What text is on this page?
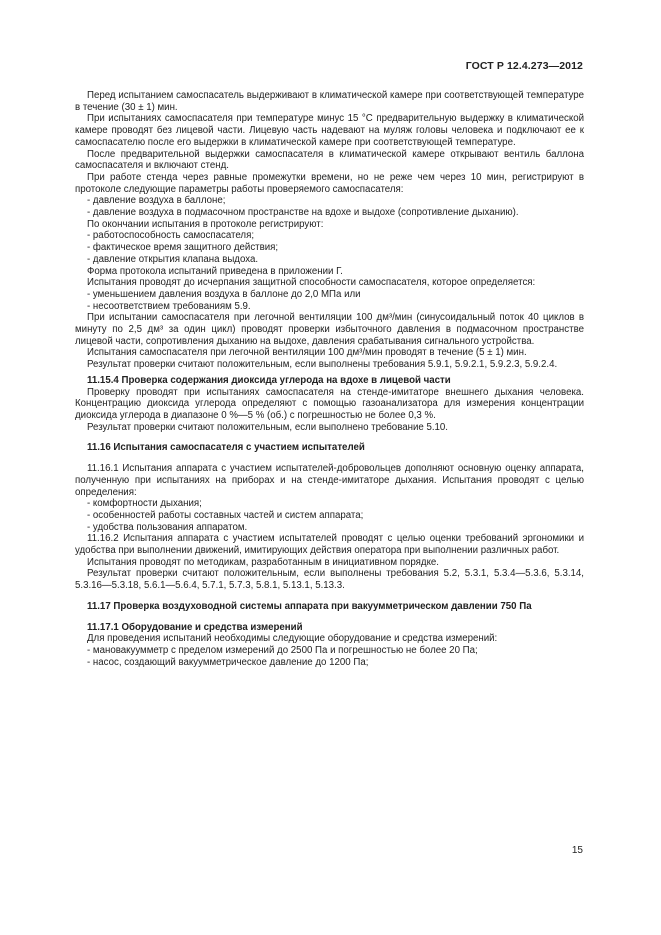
ГОСТ Р 12.4.273—2012

Перед испытанием самоспасатель выдерживают в климатической камере при соответствующей температуре в течение (30 ± 1) мин.

При испытаниях самоспасателя при температуре минус 15 °С предварительную выдержку в климатической камере проводят без лицевой части. Лицевую часть надевают на муляж головы человека и подключают ее к самоспасателю после его выдержки в климатической камере при соответствующей температуре.

После предварительной выдержки самоспасателя в климатической камере открывают вентиль баллона самоспасателя и включают стенд.

При работе стенда через равные промежутки времени, но не реже чем через 10 мин, регистрируют в протоколе следующие параметры работы проверяемого самоспасателя:

- давление воздуха в баллоне;

- давление воздуха в подмасочном пространстве на вдохе и выдохе (сопротивление дыханию).

По окончании испытания в протоколе регистрируют:

- работоспособность самоспасателя;

- фактическое время защитного действия;

- давление открытия клапана выдоха.

Форма протокола испытаний приведена в приложении Г.

Испытания проводят до исчерпания защитной способности самоспасателя, которое определяется:

- уменьшением давления воздуха в баллоне до 2,0 МПа или

- несоответствием требованиям 5.9.

При испытании самоспасателя при легочной вентиляции 100 дм³/мин (синусоидальный поток 40 циклов в минуту по 2,5 дм³ за один цикл) проводят проверки избыточного давления в подмасочном пространстве лицевой части, сопротивления дыханию на выдохе, давления срабатывания сигнального устройства.

Испытания самоспасателя при легочной вентиляции 100 дм³/мин проводят в течение (5 ± 1) мин.

Результат проверки считают положительным, если выполнены требования 5.9.1, 5.9.2.1, 5.9.2.3, 5.9.2.4.

11.15.4 Проверка содержания диоксида углерода на вдохе в лицевой части

Проверку проводят при испытаниях самоспасателя на стенде-имитаторе внешнего дыхания человека. Концентрацию диоксида углерода определяют с помощью газоанализатора для измерения концентрации диоксида углерода в диапазоне 0 %—5 % (об.) с погрешностью не более 0,3 %.

Результат проверки считают положительным, если выполнено требование 5.10.

11.16 Испытания самоспасателя с участием испытателей

11.16.1 Испытания аппарата с участием испытателей-добровольцев дополняют основную оценку аппарата, полученную при испытаниях на приборах и на стенде-имитаторе дыхания. Испытания проводят с целью определения:

- комфортности дыхания;

- особенностей работы составных частей и систем аппарата;

- удобства пользования аппаратом.

11.16.2 Испытания аппарата с участием испытателей проводят с целью оценки требований эргономики и удобства при выполнении движений, имитирующих действия оператора при выполнении различных работ.

Испытания проводят по методикам, разработанным в инициативном порядке.

Результат проверки считают положительным, если выполнены требования 5.2, 5.3.1, 5.3.4—5.3.6, 5.3.14, 5.3.16—5.3.18, 5.6.1—5.6.4, 5.7.1, 5.7.3, 5.8.1, 5.13.1, 5.13.3.

11.17 Проверка воздуховодной системы аппарата при вакуумметрическом давлении 750 Па

11.17.1 Оборудование и средства измерений

Для проведения испытаний необходимы следующие оборудование и средства измерений:

- мановакуумметр с пределом измерений до 2500 Па и погрешностью не более 20 Па;

- насос, создающий вакуумметрическое давление до 1200 Па;

15
